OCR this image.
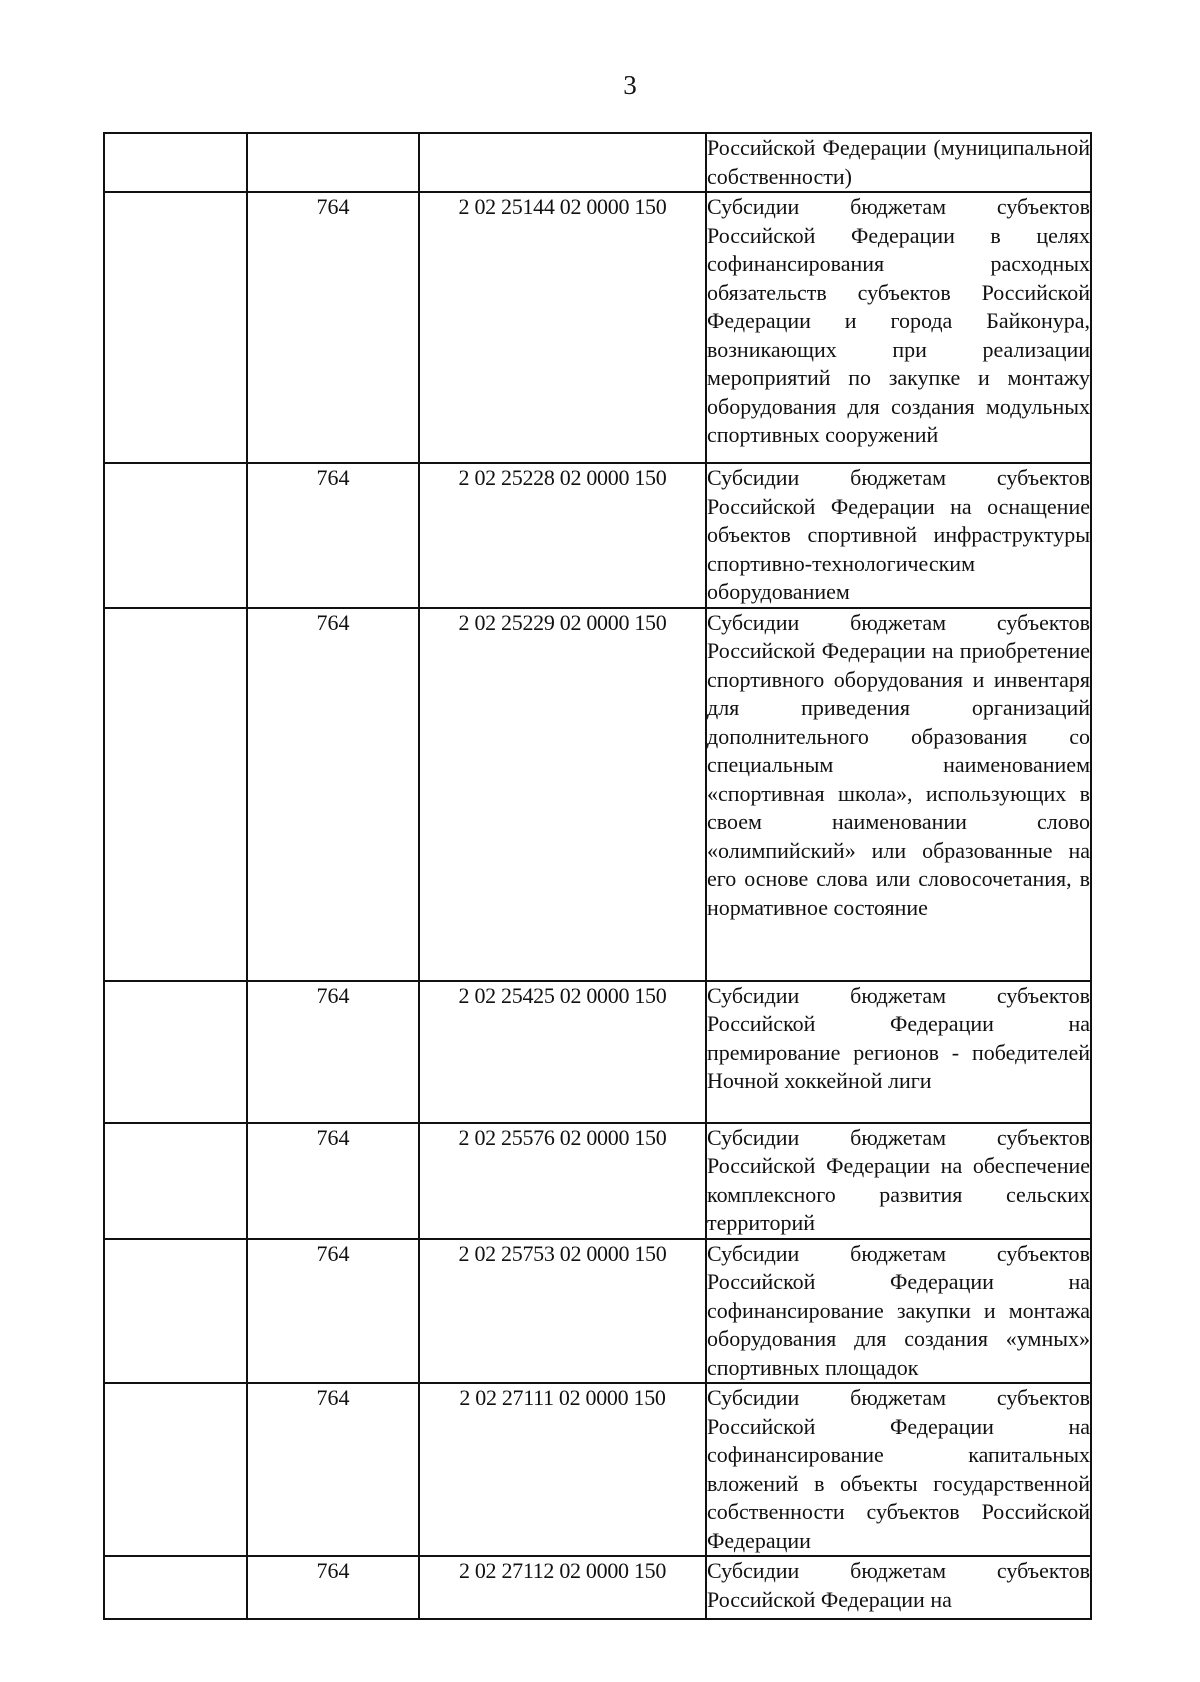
3

			Российской Федерации (муниципальной собственности)

	764	2 02 25144 02 0000 150	Субсидии бюджетам субъектов Российской Федерации в целях софинансирования расходных обязательств субъектов Российской Федерации и города Байконура, возникающих при реализации мероприятий по закупке и монтажу оборудования для создания модульных спортивных сооружений

	764	2 02 25228 02 0000 150	Субсидии бюджетам субъектов Российской Федерации на оснащение объектов спортивной инфраструктуры спортивно-технологическим оборудованием

	764	2 02 25229 02 0000 150	Субсидии бюджетам субъектов Российской Федерации на приобретение спортивного оборудования и инвентаря для приведения организаций дополнительного образования со специальным наименованием «спортивная школа», использующих в своем наименовании слово «олимпийский» или образованные на его основе слова или словосочетания, в нормативное состояние

	764	2 02 25425 02 0000 150	Субсидии бюджетам субъектов Российской Федерации на премирование регионов - победителей Ночной хоккейной лиги

	764	2 02 25576 02 0000 150	Субсидии бюджетам субъектов Российской Федерации на обеспечение комплексного развития сельских территорий

	764	2 02 25753 02 0000 150	Субсидии бюджетам субъектов Российской Федерации на софинансирование закупки и монтажа оборудования для создания «умных» спортивных площадок

	764	2 02 27111 02 0000 150	Субсидии бюджетам субъектов Российской Федерации на софинансирование капитальных вложений в объекты государственной собственности субъектов Российской Федерации

	764	2 02 27112 02 0000 150	Субсидии бюджетам субъектов Российской Федерации на
